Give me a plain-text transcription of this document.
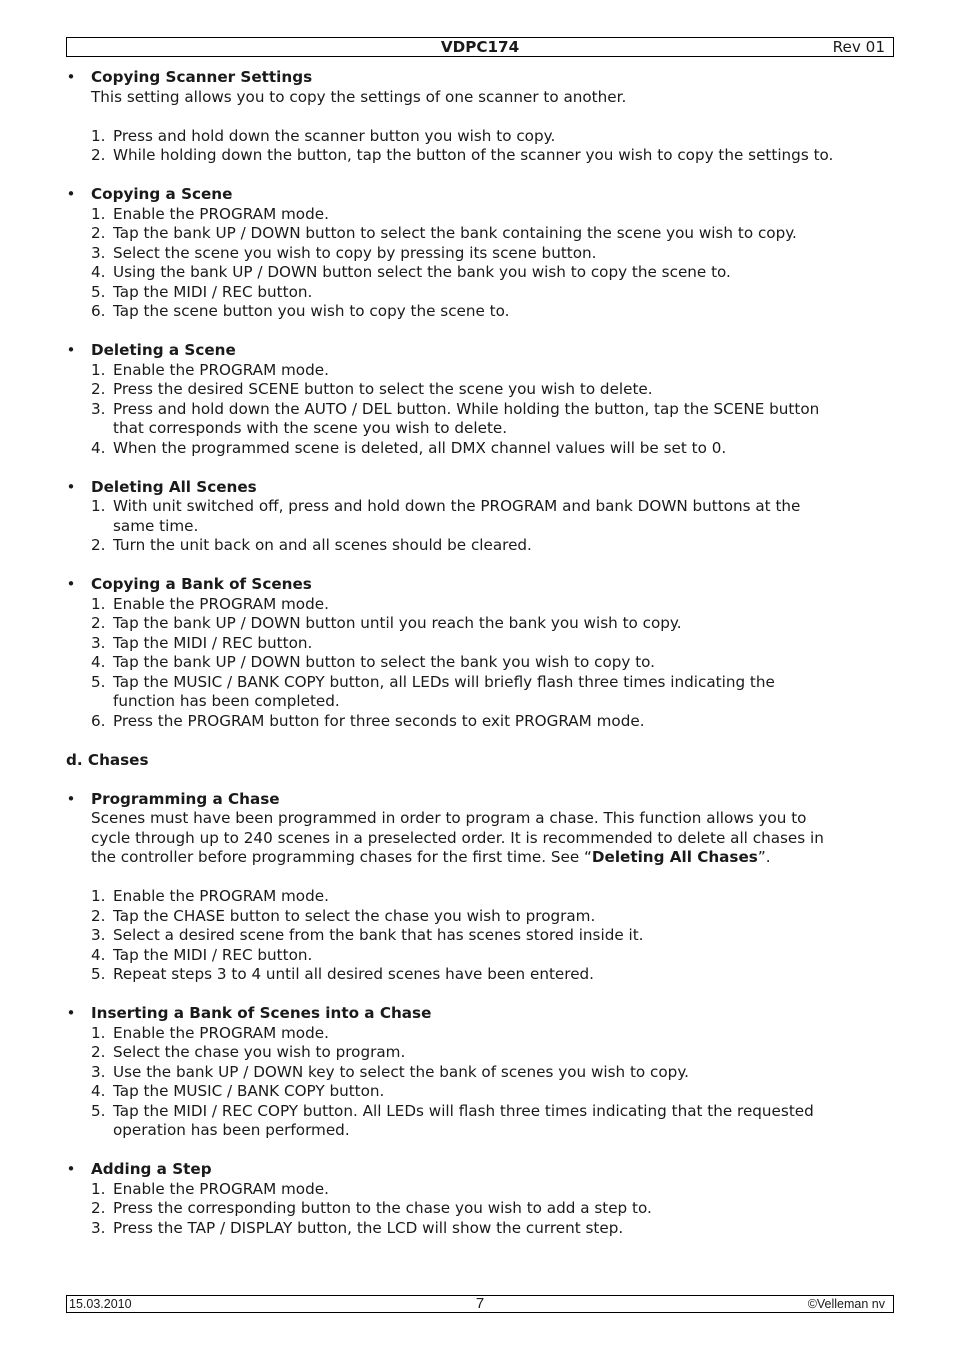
VDPC174	Rev 01
• Copying Scanner Settings
This setting allows you to copy the settings of one scanner to another.
1. Press and hold down the scanner button you wish to copy.
2. While holding down the button, tap the button of the scanner you wish to copy the settings to.
• Copying a Scene
1. Enable the PROGRAM mode.
2. Tap the bank UP / DOWN button to select the bank containing the scene you wish to copy.
3. Select the scene you wish to copy by pressing its scene button.
4. Using the bank UP / DOWN button select the bank you wish to copy the scene to.
5. Tap the MIDI / REC button.
6. Tap the scene button you wish to copy the scene to.
• Deleting a Scene
1. Enable the PROGRAM mode.
2. Press the desired SCENE button to select the scene you wish to delete.
3. Press and hold down the AUTO / DEL button. While holding the button, tap the SCENE button
that corresponds with the scene you wish to delete.
4. When the programmed scene is deleted, all DMX channel values will be set to 0.
• Deleting All Scenes
1. With unit switched off, press and hold down the PROGRAM and bank DOWN buttons at the
same time.
2. Turn the unit back on and all scenes should be cleared.
• Copying a Bank of Scenes
1. Enable the PROGRAM mode.
2. Tap the bank UP / DOWN button until you reach the bank you wish to copy.
3. Tap the MIDI / REC button.
4. Tap the bank UP / DOWN button to select the bank you wish to copy to.
5. Tap the MUSIC / BANK COPY button, all LEDs will briefly flash three times indicating the
function has been completed.
6. Press the PROGRAM button for three seconds to exit PROGRAM mode.
d. Chases
• Programming a Chase
Scenes must have been programmed in order to program a chase. This function allows you to
cycle through up to 240 scenes in a preselected order. It is recommended to delete all chases in
the controller before programming chases for the first time. See “Deleting All Chases”.
1. Enable the PROGRAM mode.
2. Tap the CHASE button to select the chase you wish to program.
3. Select a desired scene from the bank that has scenes stored inside it.
4. Tap the MIDI / REC button.
5. Repeat steps 3 to 4 until all desired scenes have been entered.
• Inserting a Bank of Scenes into a Chase
1. Enable the PROGRAM mode.
2. Select the chase you wish to program.
3. Use the bank UP / DOWN key to select the bank of scenes you wish to copy.
4. Tap the MUSIC / BANK COPY button.
5. Tap the MIDI / REC COPY button. All LEDs will flash three times indicating that the requested
operation has been performed.
• Adding a Step
1. Enable the PROGRAM mode.
2. Press the corresponding button to the chase you wish to add a step to.
3. Press the TAP / DISPLAY button, the LCD will show the current step.
15.03.2010	7	©Velleman nv
